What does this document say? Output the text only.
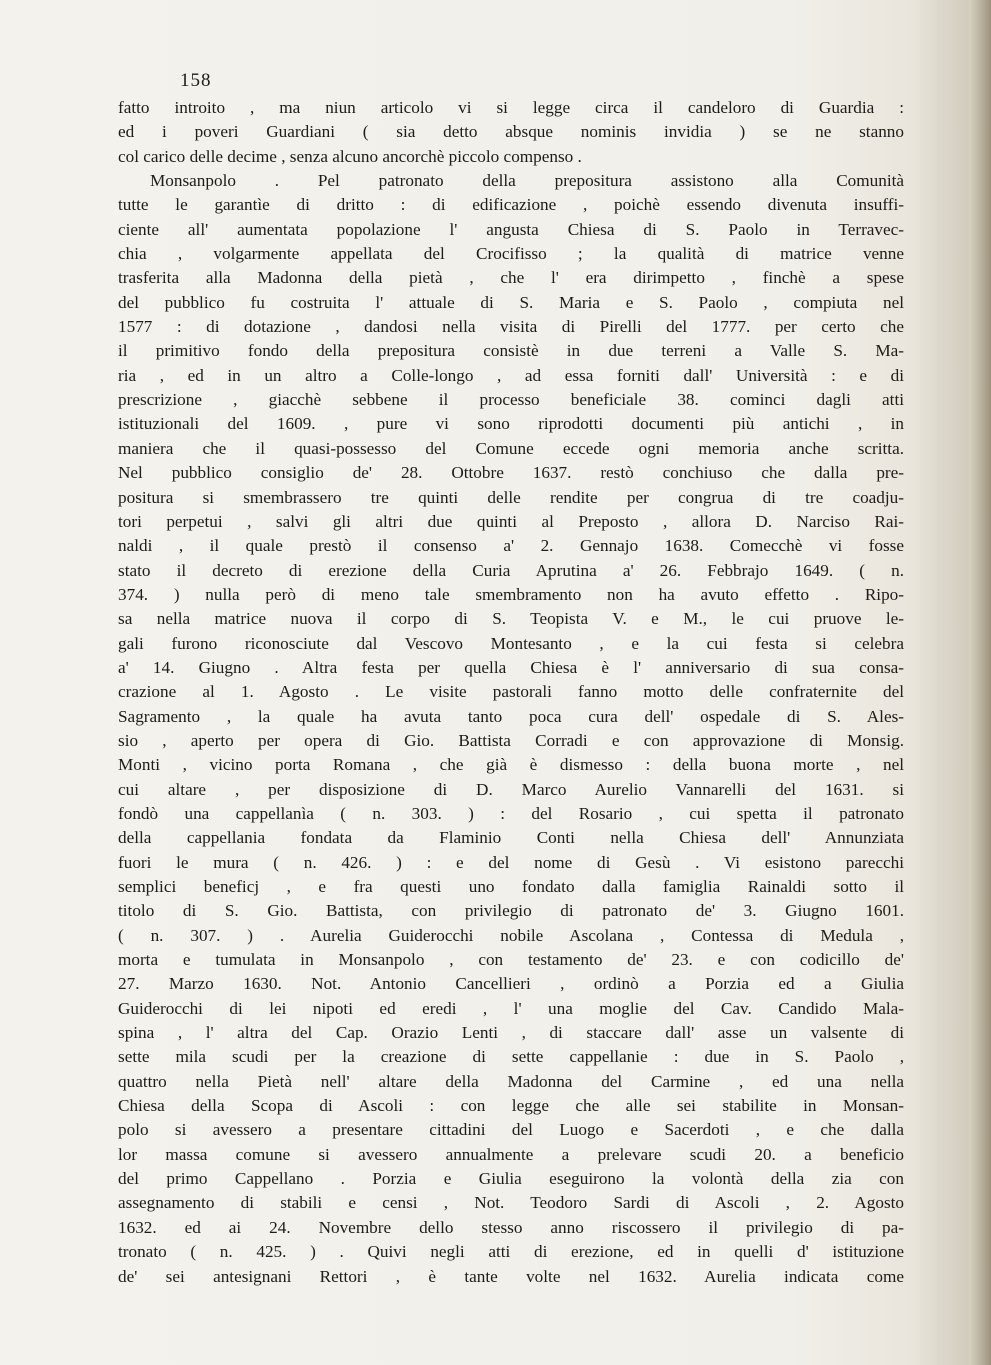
158
fatto introito , ma niun articolo vi si legge circa il candeloro di Guardia :
ed i poveri Guardiani ( sia detto absque nominis invidia ) se ne stanno
col carico delle decime , senza alcuno ancorchè piccolo compenso .
Monsanpolo . Pel patronato della prepositura assistono alla Comunità
tutte le garantìe di dritto : di edificazione , poichè essendo divenuta insuffi-
ciente all' aumentata popolazione l' angusta Chiesa di S. Paolo in Terravec-
chia , volgarmente appellata del Crocifisso ; la qualità di matrice venne
trasferita alla Madonna della pietà , che l' era dirimpetto , finchè a spese
del pubblico fu costruita l' attuale di S. Maria e S. Paolo , compiuta nel
1577 : di dotazione , dandosi nella visita di Pirelli del 1777. per certo che
il primitivo fondo della prepositura consistè in due terreni a Valle S. Ma-
ria , ed in un altro a Colle-longo , ad essa forniti dall' Università : e di
prescrizione , giacchè sebbene il processo beneficiale 38. cominci dagli atti
istituzionali del 1609. , pure vi sono riprodotti documenti più antichi , in
maniera che il quasi-possesso del Comune eccede ogni memoria anche scritta.
Nel pubblico consiglio de' 28. Ottobre 1637. restò conchiuso che dalla pre-
positura si smembrassero tre quinti delle rendite per congrua di tre coadju-
tori perpetui , salvi gli altri due quinti al Preposto , allora D. Narciso Rai-
naldi , il quale prestò il consenso a' 2. Gennajo 1638. Comecchè vi fosse
stato il decreto di erezione della Curia Aprutina a' 26. Febbrajo 1649. ( n.
374. ) nulla però di meno tale smembramento non ha avuto effetto . Ripo-
sa nella matrice nuova il corpo di S. Teopista V. e M., le cui pruove le-
gali furono riconosciute dal Vescovo Montesanto , e la cui festa si celebra
a' 14. Giugno . Altra festa per quella Chiesa è l' anniversario di sua consa-
crazione al 1. Agosto . Le visite pastorali fanno motto delle confraternite del
Sagramento , la quale ha avuta tanto poca cura dell' ospedale di S. Ales-
sio , aperto per opera di Gio. Battista Corradi e con approvazione di Monsig.
Monti , vicino porta Romana , che già è dismesso : della buona morte , nel
cui altare , per disposizione di D. Marco Aurelio Vannarelli del 1631. si
fondò una cappellanìa ( n. 303. ) : del Rosario , cui spetta il patronato
della cappellania fondata da Flaminio Conti nella Chiesa dell' Annunziata
fuori le mura ( n. 426. ) : e del nome di Gesù . Vi esistono parecchi
semplici beneficj , e fra questi uno fondato dalla famiglia Rainaldi sotto il
titolo di S. Gio. Battista, con privilegio di patronato de' 3. Giugno 1601.
( n. 307. ) . Aurelia Guiderocchi nobile Ascolana , Contessa di Medula ,
morta e tumulata in Monsanpolo , con testamento de' 23. e con codicillo de'
27. Marzo 1630. Not. Antonio Cancellieri , ordinò a Porzia ed a Giulia
Guiderocchi di lei nipoti ed eredi , l' una moglie del Cav. Candido Mala-
spina , l' altra del Cap. Orazio Lenti , di staccare dall' asse un valsente di
sette mila scudi per la creazione di sette cappellanie : due in S. Paolo ,
quattro nella Pietà nell' altare della Madonna del Carmine , ed una nella
Chiesa della Scopa di Ascoli : con legge che alle sei stabilite in Monsan-
polo si avessero a presentare cittadini del Luogo e Sacerdoti , e che dalla
lor massa comune si avessero annualmente a prelevare scudi 20. a beneficio
del primo Cappellano . Porzia e Giulia eseguirono la volontà della zia con
assegnamento di stabili e censi , Not. Teodoro Sardi di Ascoli , 2. Agosto
1632. ed ai 24. Novembre dello stesso anno riscossero il privilegio di pa-
tronato ( n. 425. ) . Quivi negli atti di erezione, ed in quelli d' istituzione
de' sei antesignani Rettori , è tante volte nel 1632. Aurelia indicata come
